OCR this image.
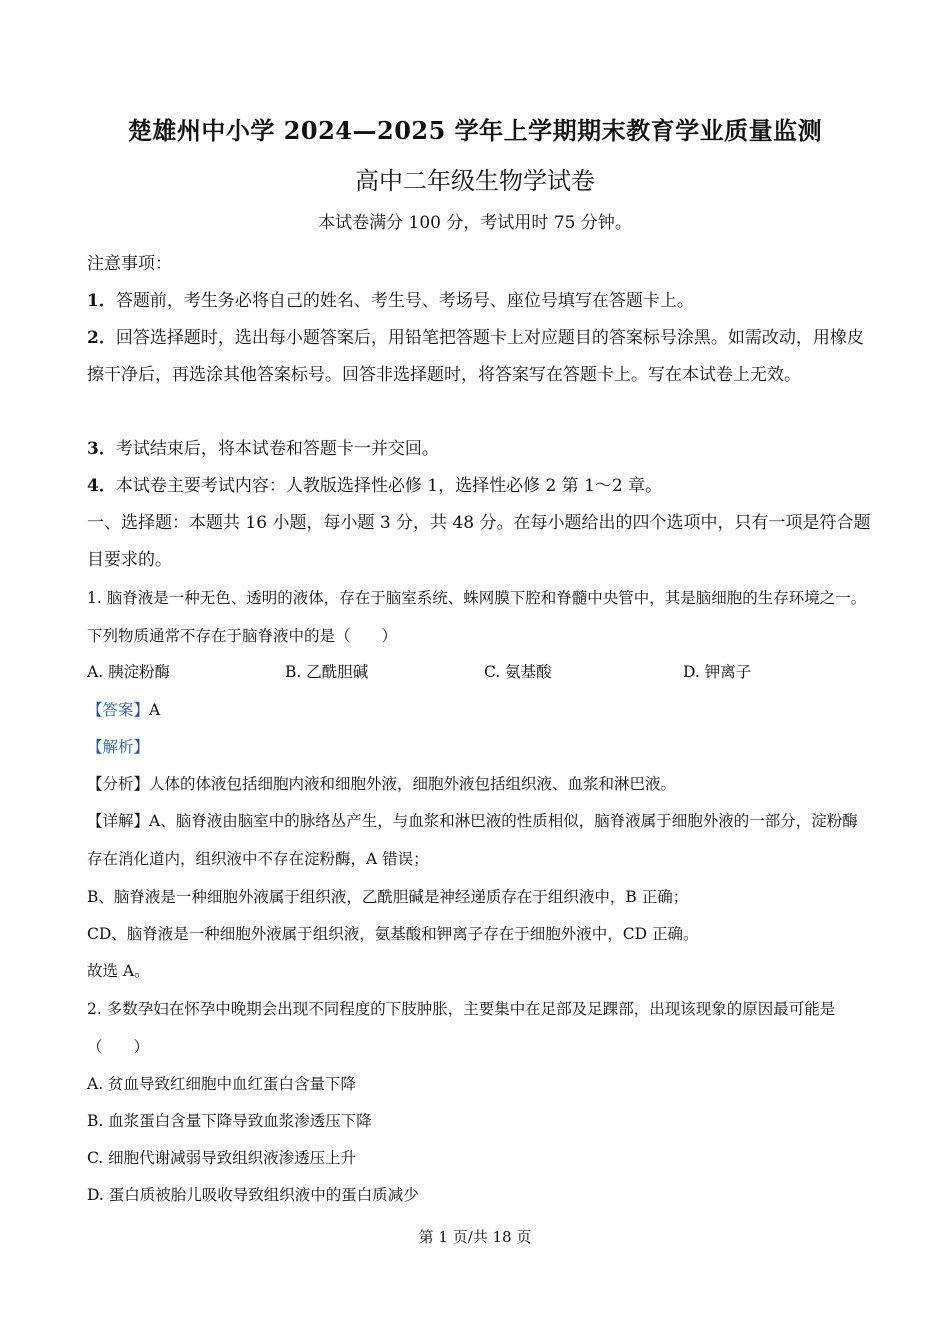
楚雄州中小学 2024—2025 学年上学期期末教育学业质量监测
高中二年级生物学试卷
本试卷满分 100 分，考试用时 75 分钟。
注意事项：
1．答题前，考生务必将自己的姓名、考生号、考场号、座位号填写在答题卡上。
2．回答选择题时，选出每小题答案后，用铅笔把答题卡上对应题目的答案标号涂黑。如需改动，用橡皮擦干净后，再选涂其他答案标号。回答非选择题时，将答案写在答题卡上。写在本试卷上无效。
3．考试结束后，将本试卷和答题卡一并交回。
4．本试卷主要考试内容：人教版选择性必修 1，选择性必修 2 第 1～2 章。
一、选择题：本题共 16 小题，每小题 3 分，共 48 分。在每小题给出的四个选项中，只有一项是符合题目要求的。
1. 脑脊液是一种无色、透明的液体，存在于脑室系统、蛛网膜下腔和脊髓中央管中，其是脑细胞的生存环境之一。下列物质通常不存在于脑脊液中的是（　　）
A. 胰淀粉酶	B. 乙酰胆碱	C. 氨基酸	D. 钾离子
【答案】A
【解析】
【分析】人体的体液包括细胞内液和细胞外液，细胞外液包括组织液、血浆和淋巴液。
【详解】A、脑脊液由脑室中的脉络丛产生，与血浆和淋巴液的性质相似，脑脊液属于细胞外液的一部分，淀粉酶存在消化道内，组织液中不存在淀粉酶，A 错误；
B、脑脊液是一种细胞外液属于组织液，乙酰胆碱是神经递质存在于组织液中，B 正确；
CD、脑脊液是一种细胞外液属于组织液，氨基酸和钾离子存在于细胞外液中，CD 正确。
故选 A。
2. 多数孕妇在怀孕中晚期会出现不同程度的下肢肿胀，主要集中在足部及足踝部，出现该现象的原因最可能是（　　）
A. 贫血导致红细胞中血红蛋白含量下降
B. 血浆蛋白含量下降导致血浆渗透压下降
C. 细胞代谢减弱导致组织液渗透压上升
D. 蛋白质被胎儿吸收导致组织液中的蛋白质减少
第 1 页/共 18 页
